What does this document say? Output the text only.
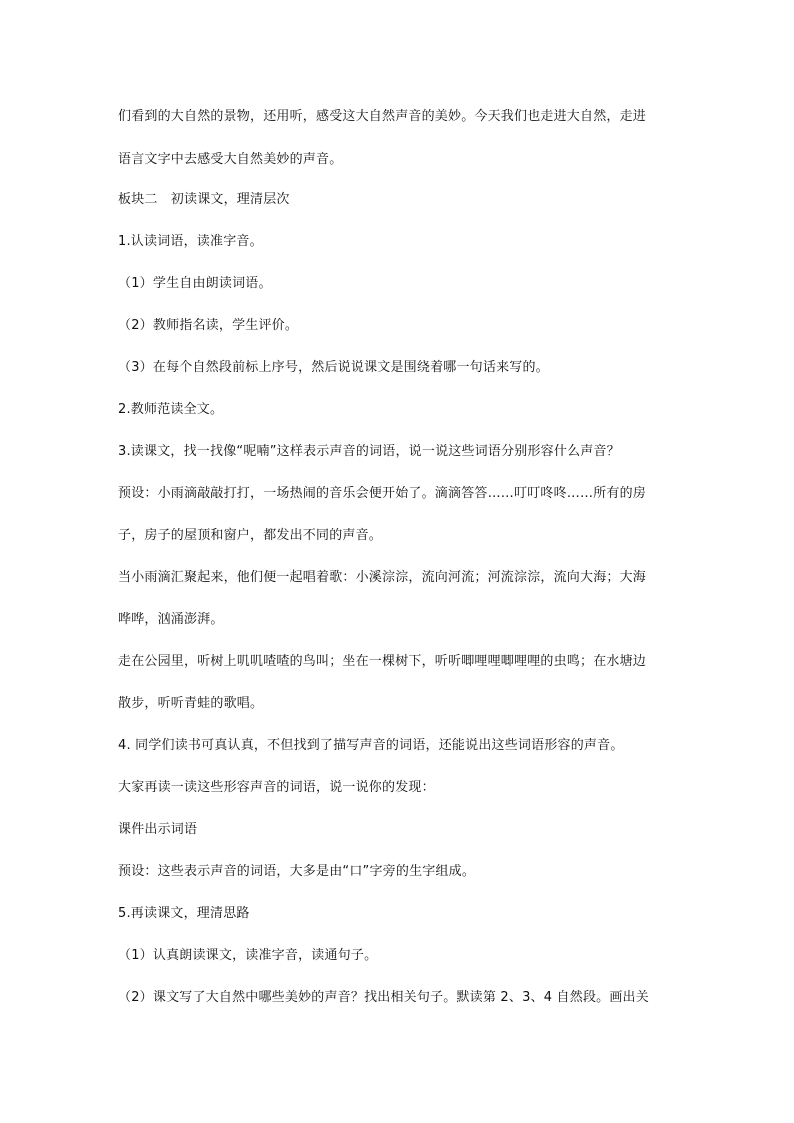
们看到的大自然的景物，还用听，感受这大自然声音的美妙。今天我们也走进大自然，走进
语言文字中去感受大自然美妙的声音。
板块二　初读课文，理清层次
1.认读词语，读准字音。
（1）学生自由朗读词语。
（2）教师指名读，学生评价。
（3）在每个自然段前标上序号，然后说说课文是围绕着哪一句话来写的。
2.教师范读全文。
3.读课文，找一找像“呢喃”这样表示声音的词语，说一说这些词语分别形容什么声音？
预设：小雨滴敲敲打打，一场热闹的音乐会便开始了。滴滴答答……叮叮咚咚……所有的房
子，房子的屋顶和窗户，都发出不同的声音。
当小雨滴汇聚起来，他们便一起唱着歌：小溪淙淙，流向河流；河流淙淙，流向大海；大海
哗哗，汹涌澎湃。
走在公园里，听树上叽叽喳喳的鸟叫；坐在一棵树下，听听唧哩哩唧哩哩的虫鸣；在水塘边
散步，听听青蛙的歌唱。
4. 同学们读书可真认真，不但找到了描写声音的词语，还能说出这些词语形容的声音。
大家再读一读这些形容声音的词语，说一说你的发现：
课件出示词语
预设：这些表示声音的词语，大多是由“口”字旁的生字组成。
5.再读课文，理清思路
（1）认真朗读课文，读准字音，读通句子。
（2）课文写了大自然中哪些美妙的声音？找出相关句子。默读第 2、3、4 自然段。画出关
